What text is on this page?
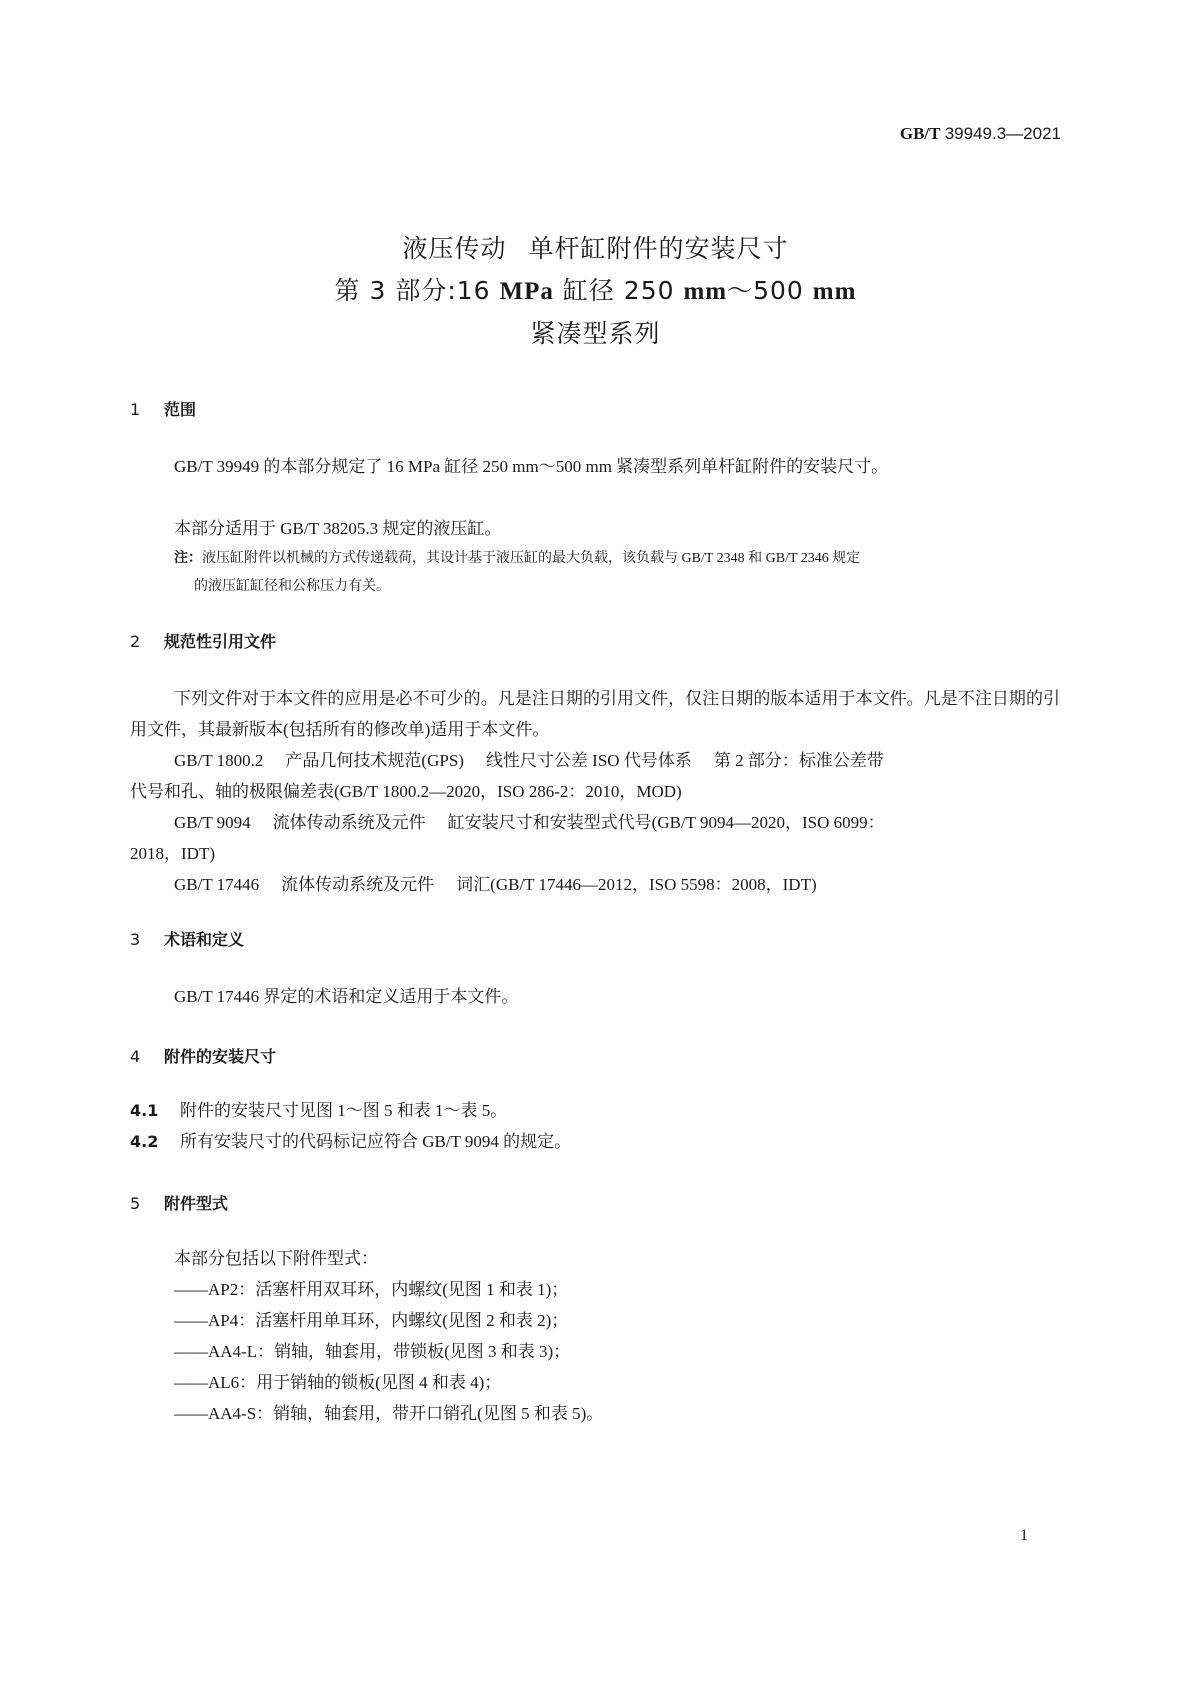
GB/T 39949.3—2021
液压传动 单杆缸附件的安装尺寸
第 3 部分:16 MPa 缸径 250 mm～500 mm
紧凑型系列
1 范围
GB/T 39949 的本部分规定了 16 MPa 缸径 250 mm～500 mm 紧凑型系列单杆缸附件的安装尺寸。
本部分适用于 GB/T 38205.3 规定的液压缸。
注：液压缸附件以机械的方式传递载荷，其设计基于液压缸的最大负载，该负载与 GB/T 2348 和 GB/T 2346 规定
的液压缸缸径和公称压力有关。
2 规范性引用文件
下列文件对于本文件的应用是必不可少的。凡是注日期的引用文件，仅注日期的版本适用于本文件。凡是不注日期的引用文件，其最新版本(包括所有的修改单)适用于本文件。
GB/T 1800.2 产品几何技术规范(GPS) 线性尺寸公差 ISO 代号体系 第 2 部分：标准公差带
代号和孔、轴的极限偏差表(GB/T 1800.2—2020，ISO 286-2：2010，MOD)
GB/T 9094 流体传动系统及元件 缸安装尺寸和安装型式代号(GB/T 9094—2020，ISO 6099：
2018，IDT)
GB/T 17446 流体传动系统及元件 词汇(GB/T 17446—2012，ISO 5598：2008，IDT)
3 术语和定义
GB/T 17446 界定的术语和定义适用于本文件。
4 附件的安装尺寸
4.1 附件的安装尺寸见图 1～图 5 和表 1～表 5。
4.2 所有安装尺寸的代码标记应符合 GB/T 9094 的规定。
5 附件型式
本部分包括以下附件型式：
——AP2：活塞杆用双耳环，内螺纹(见图 1 和表 1)；
——AP4：活塞杆用单耳环，内螺纹(见图 2 和表 2)；
——AA4-L：销轴，轴套用，带锁板(见图 3 和表 3)；
——AL6：用于销轴的锁板(见图 4 和表 4)；
——AA4-S：销轴，轴套用，带开口销孔(见图 5 和表 5)。
1
